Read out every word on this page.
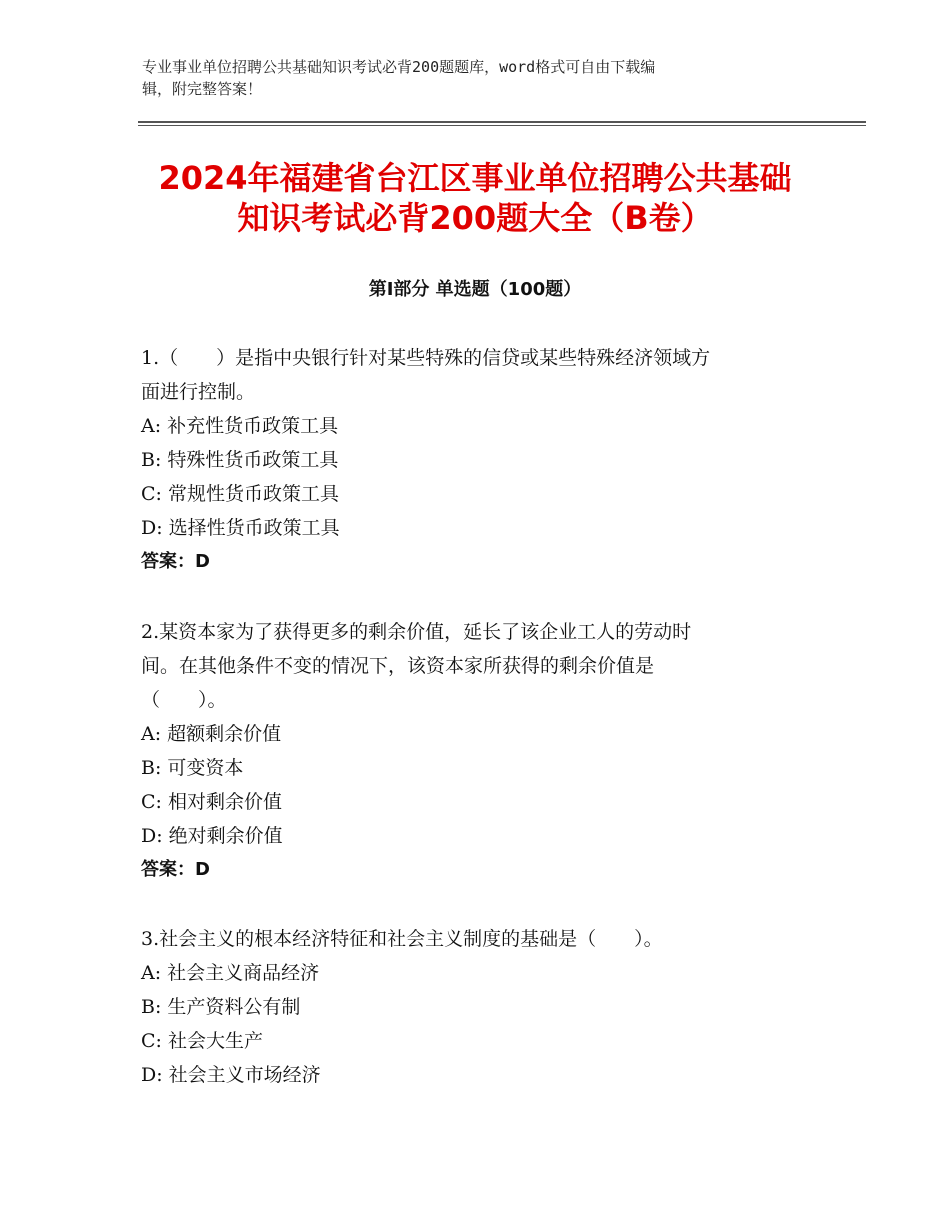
专业事业单位招聘公共基础知识考试必背200题题库，word格式可自由下载编
辑，附完整答案！
2024年福建省台江区事业单位招聘公共基础
知识考试必背200题大全（B卷）
第Ⅰ部分 单选题（100题）
1.（　　）是指中央银行针对某些特殊的信贷或某些特殊经济领域方
面进行控制。
A: 补充性货币政策工具
B: 特殊性货币政策工具
C: 常规性货币政策工具
D: 选择性货币政策工具
答案：D
2.某资本家为了获得更多的剩余价值，延长了该企业工人的劳动时
间。在其他条件不变的情况下，该资本家所获得的剩余价值是
（　　）。
A: 超额剩余价值
B: 可变资本
C: 相对剩余价值
D: 绝对剩余价值
答案：D
3.社会主义的根本经济特征和社会主义制度的基础是（　　）。
A: 社会主义商品经济
B: 生产资料公有制
C: 社会大生产
D: 社会主义市场经济
